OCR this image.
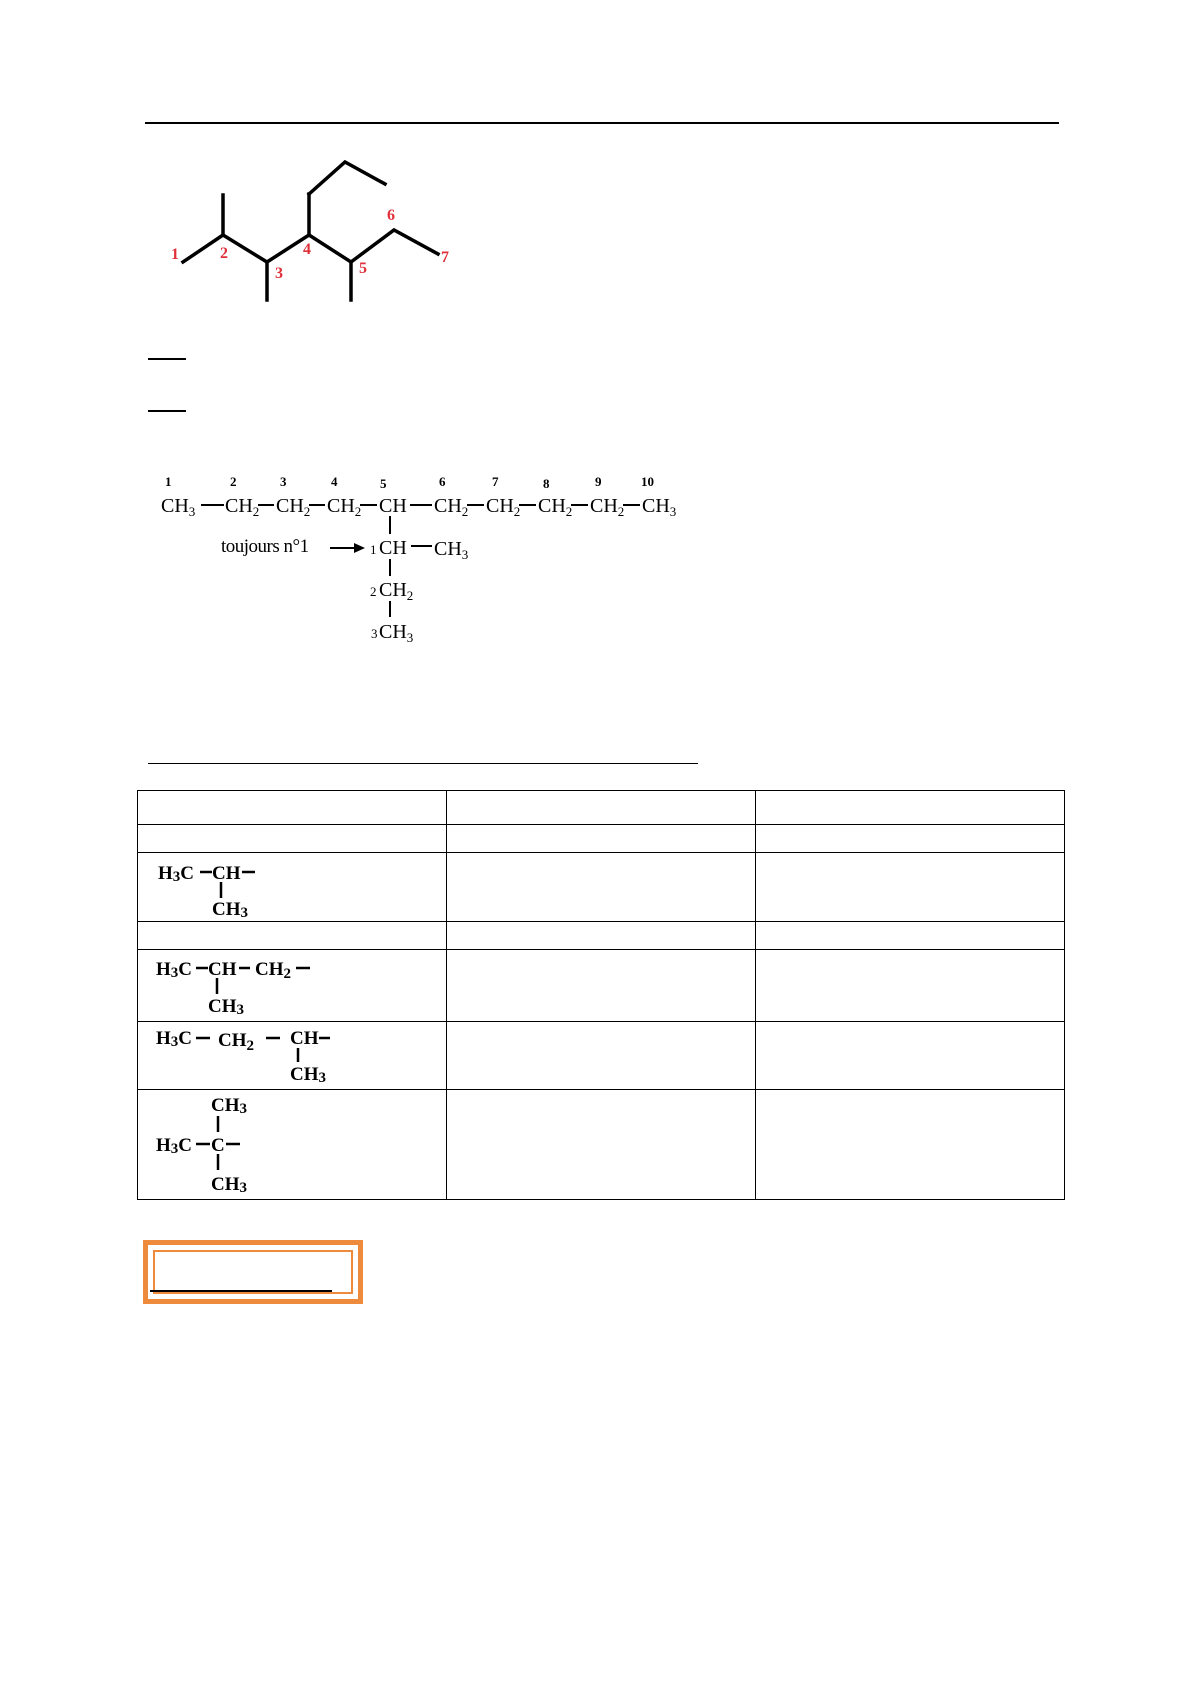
1	2
3
4
5
6
7
1	2	3	4	5	6	7	8	9	10
$CH_3$ $CH_2$ $CH_2$ $CH_2$ CH $CH_2$ $CH_2$ $CH_2$ $CH_2$ $CH_3$
toujours n°1	1 CH $CH_3$
2 $CH_2$
3 $CH_3$

H3C CH
CH3		

H3C CH CH2
CH3		

H3C $CH_2$ CH
CH3		

CH3
H3C C
CH3		
